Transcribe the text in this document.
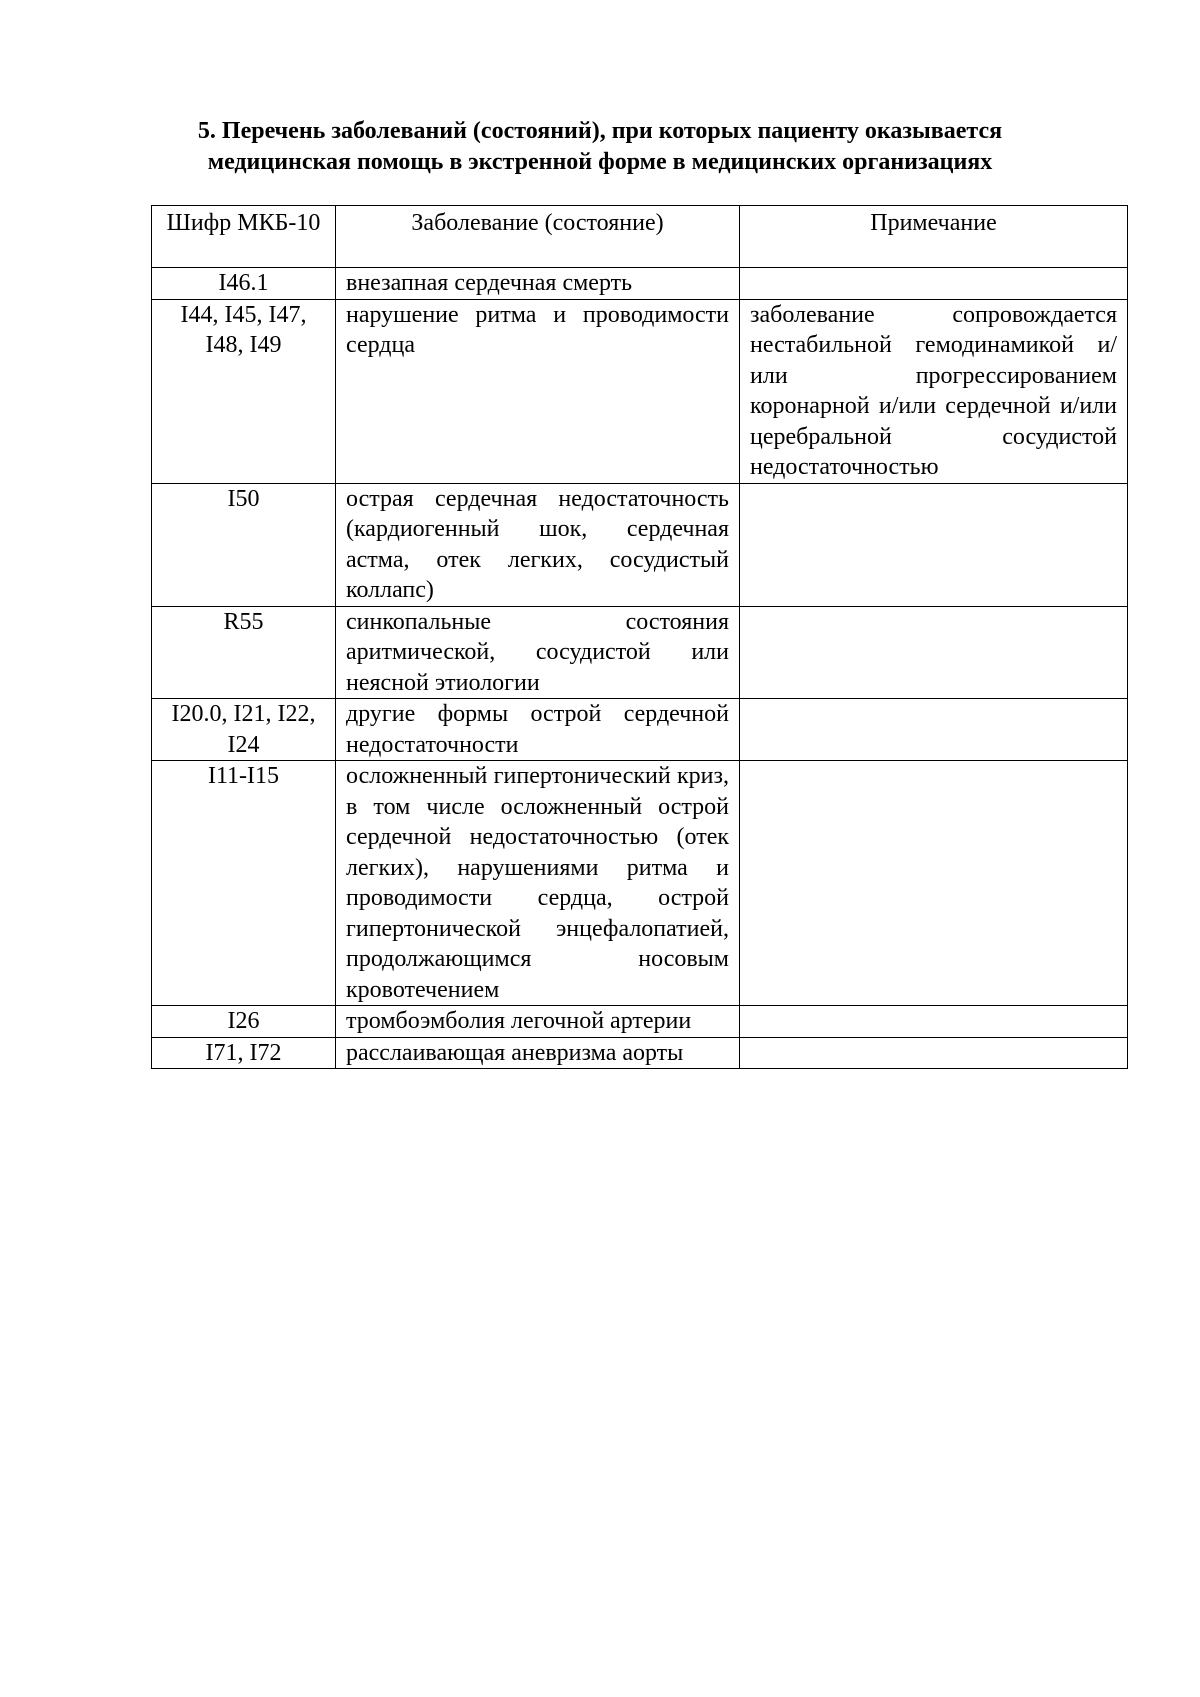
5. Перечень заболеваний (состояний), при которых пациенту оказывается
медицинская помощь в экстренной форме в медицинских организациях
Шифр МКБ-10	Заболевание (состояние)	Примечание
I46.1	внезапная сердечная смерть	
I44, I45, I47, I48, I49	нарушение ритма и проводимости сердца	заболевание сопровождается нестабильной гемодинамикой и/или прогрессированием коронарной и/или сердечной и/или церебральной сосудистой недостаточностью
I50	острая сердечная недостаточность (кардиогенный шок, сердечная астма, отек легких, сосудистый коллапс)	
R55	синкопальные состояния аритмической, сосудистой или неясной этиологии	
I20.0, I21, I22, I24	другие формы острой сердечной недостаточности	
I11-I15	осложненный гипертонический криз, в том числе осложненный острой сердечной недостаточностью (отек легких), нарушениями ритма и проводимости сердца, острой гипертонической энцефалопатией, продолжающимся носовым кровотечением	
I26	тромбоэмболия легочной артерии	
I71, I72	расслаивающая аневризма аорты	
